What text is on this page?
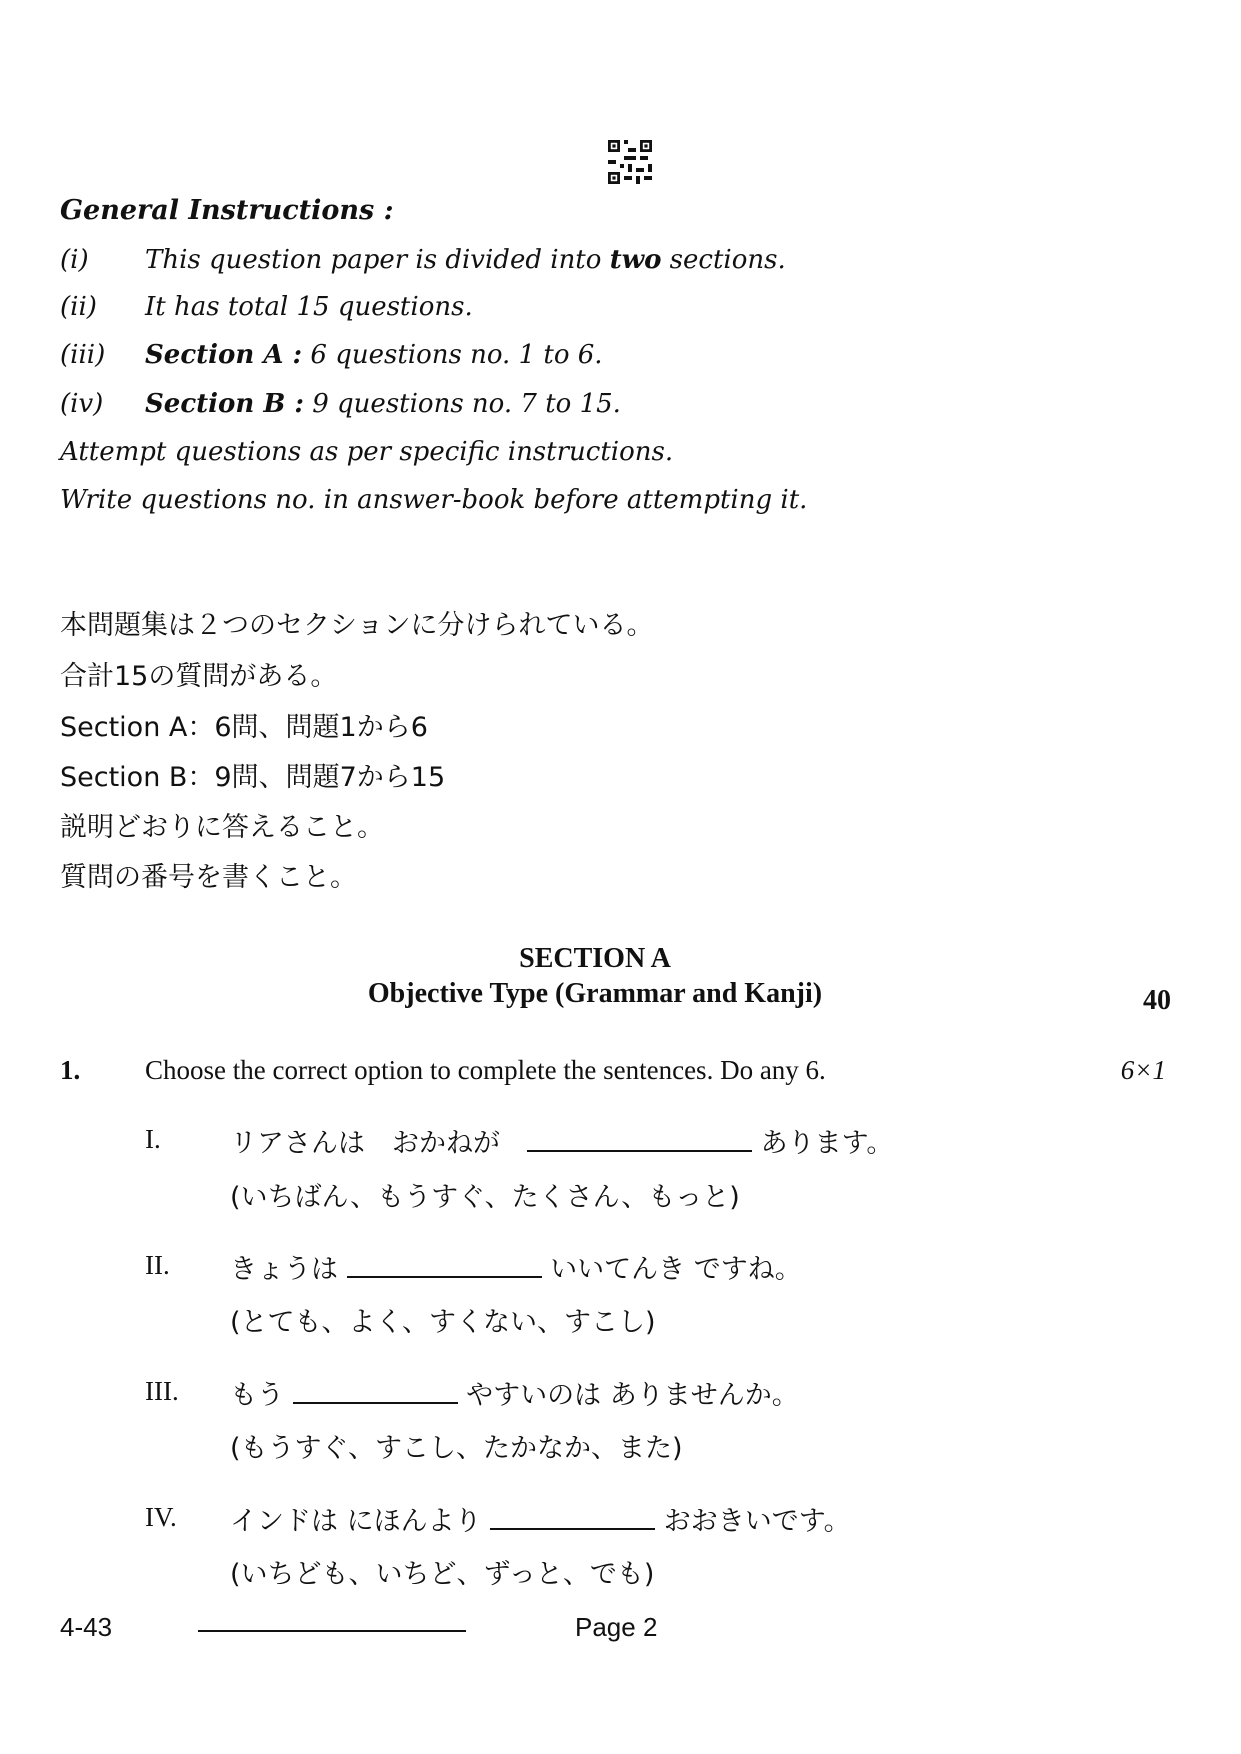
General Instructions :
(i) This question paper is divided into two sections.
(ii) It has total 15 questions.
(iii) Section A : 6 questions no. 1 to 6.
(iv) Section B : 9 questions no. 7 to 15.
Attempt questions as per specific instructions.
Write questions no. in answer-book before attempting it.
本問題集は２つのセクションに分けられている。
合計15の質問がある。
Section A：6問、問題1から6
Section B：9問、問題7から15
説明どおりに答えること。
質問の番号を書くこと。
SECTION A
Objective Type (Grammar and Kanji)	40
1. Choose the correct option to complete the sentences. Do any 6.	6×1
I.	リアさんは　おかねが　	あります。
(いちばん、もうすぐ、たくさん、もっと)
II. きょうは	いいてんき ですね。
(とても、よく、すくない、すこし)
III. もう	やすいのは ありませんか。
(もうすぐ、すこし、たかなか、また)
IV. インドは にほんより	おおきいです。
(いちども、いちど、ずっと、でも)
4-43	Page 2
